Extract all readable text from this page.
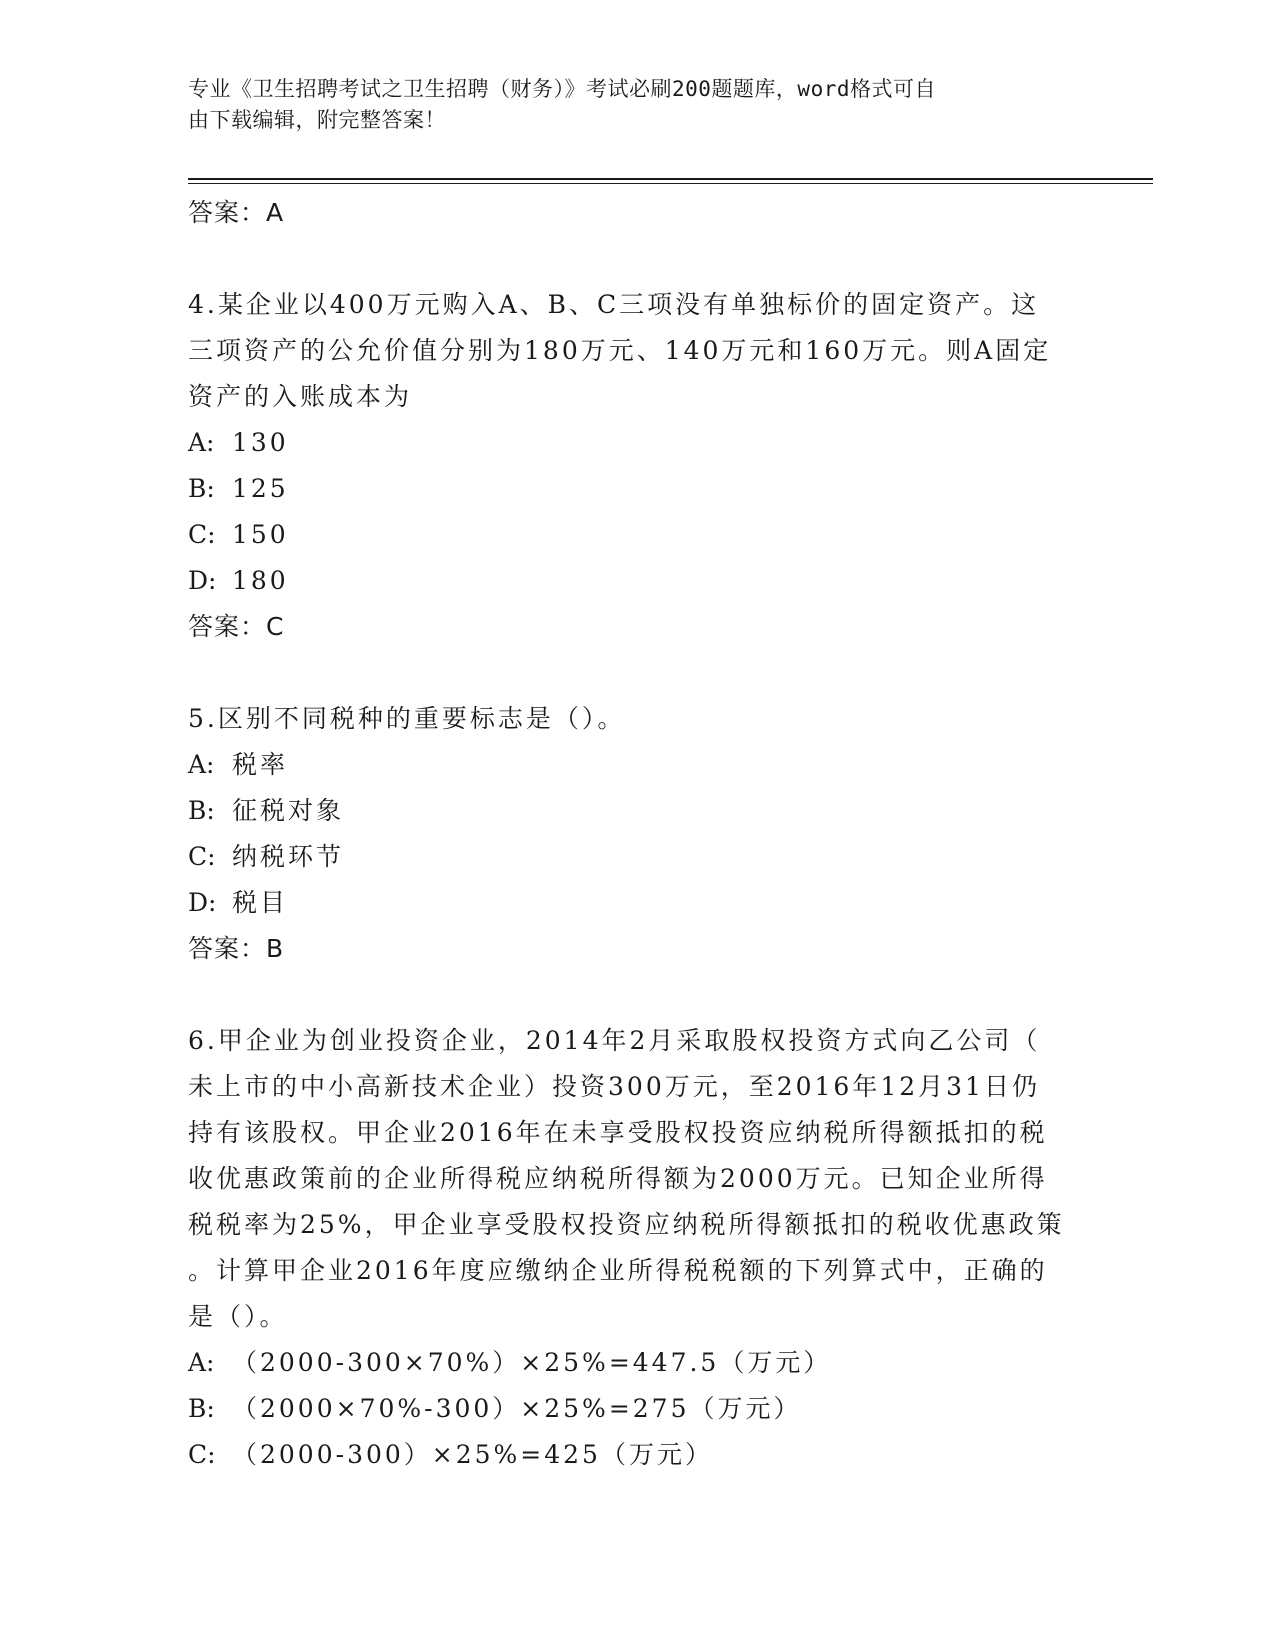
专业《卫生招聘考试之卫生招聘（财务）》考试必刷200题题库，word格式可自
由下载编辑，附完整答案！
答案：A
4.某企业以400万元购入A、B、C三项没有单独标价的固定资产。这
三项资产的公允价值分别为180万元、140万元和160万元。则A固定
资产的入账成本为
A: 130
B: 125
C: 150
D: 180
答案：C
5.区别不同税种的重要标志是（）。
A: 税率
B: 征税对象
C: 纳税环节
D: 税目
答案：B
6.甲企业为创业投资企业，2014年2月采取股权投资方式向乙公司（
未上市的中小高新技术企业）投资300万元，至2016年12月31日仍
持有该股权。甲企业2016年在未享受股权投资应纳税所得额抵扣的税
收优惠政策前的企业所得税应纳税所得额为2000万元。已知企业所得
税税率为25%，甲企业享受股权投资应纳税所得额抵扣的税收优惠政策
。计算甲企业2016年度应缴纳企业所得税税额的下列算式中，正确的
是（）。
A: （2000-300×70%）×25%=447.5（万元）
B: （2000×70%-300）×25%=275（万元）
C: （2000-300）×25%=425（万元）
